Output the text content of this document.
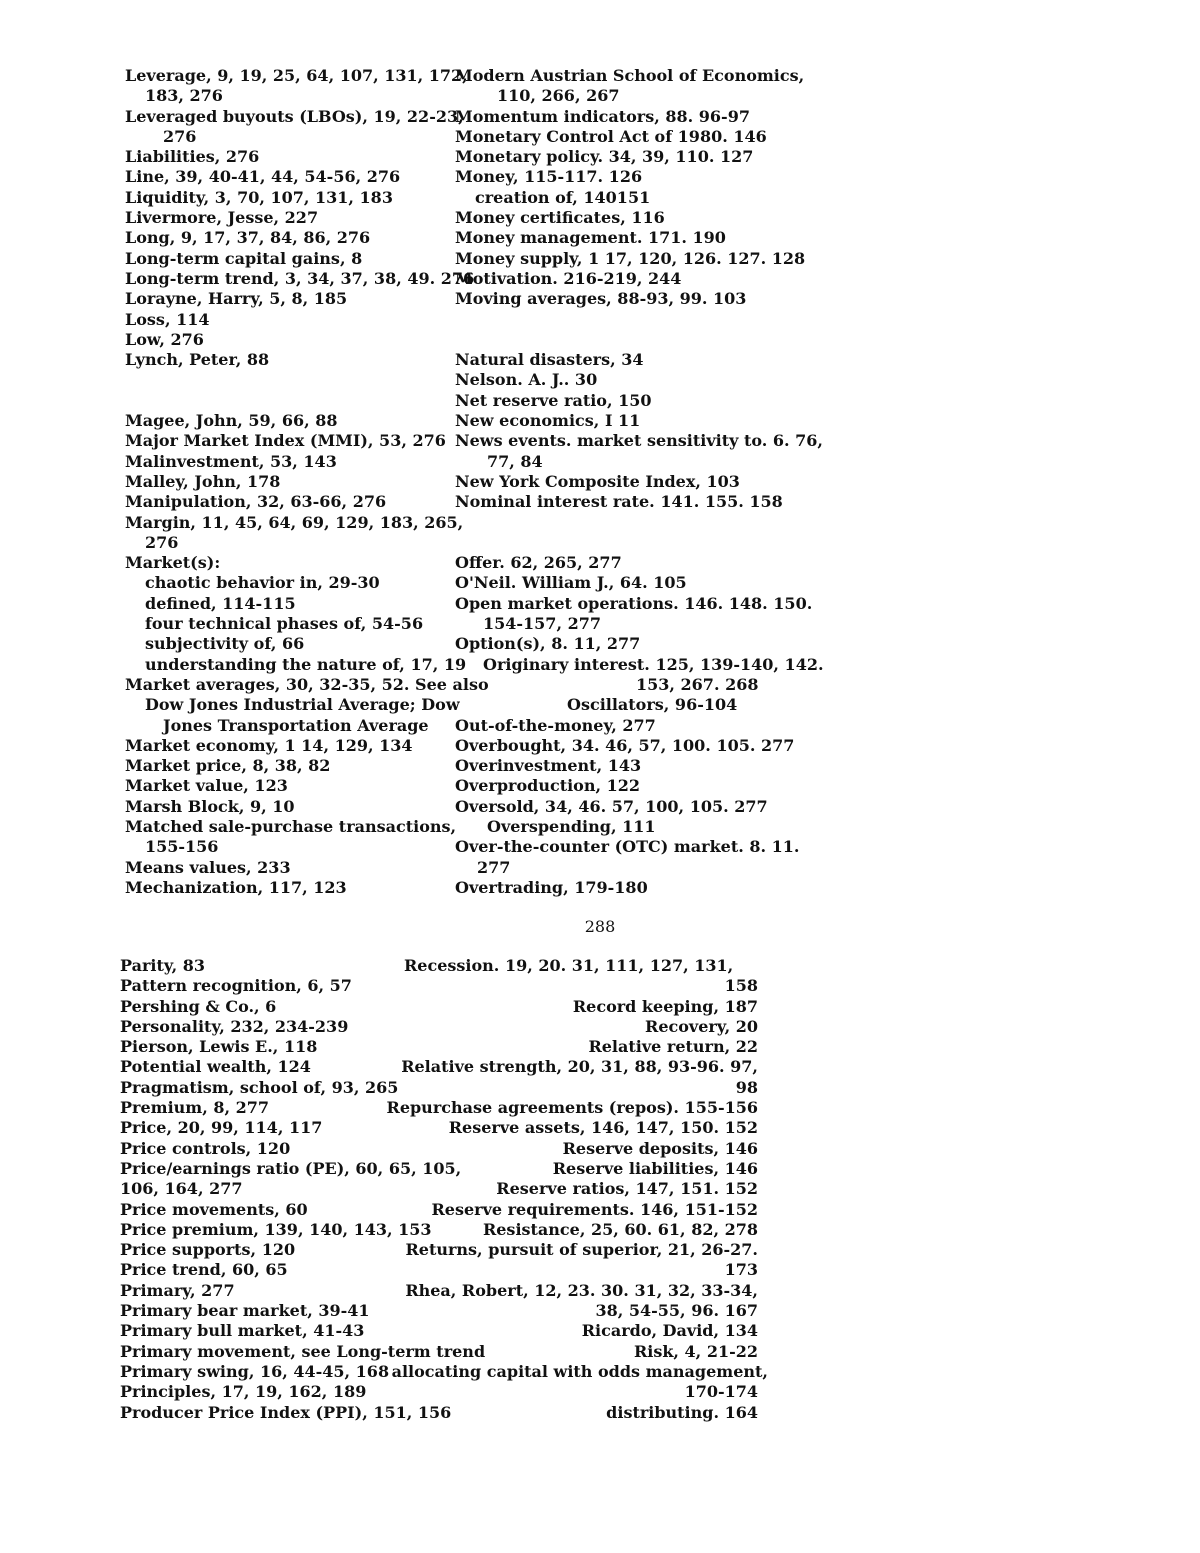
Leverage, 9, 19, 25, 64, 107, 131, 172,
183, 276
Leveraged buyouts (LBOs), 19, 22-23,
276
Liabilities, 276
Line, 39, 40-41, 44, 54-56, 276
Liquidity, 3, 70, 107, 131, 183
Livermore, Jesse, 227
Long, 9, 17, 37, 84, 86, 276
Long-term capital gains, 8
Long-term trend, 3, 34, 37, 38, 49. 276
Lorayne, Harry, 5, 8, 185
Loss, 114
Low, 276
Lynch, Peter, 88
Magee, John, 59, 66, 88
Major Market Index (MMI), 53, 276
Malinvestment, 53, 143
Malley, John, 178
Manipulation, 32, 63-66, 276
Margin, 11, 45, 64, 69, 129, 183, 265,
276
Market(s):
chaotic behavior in, 29-30
defined, 114-115
four technical phases of, 54-56
subjectivity of, 66
understanding the nature of, 17, 19
Market averages, 30, 32-35, 52. See also
Dow Jones Industrial Average; Dow
Jones Transportation Average
Market economy, 1 14, 129, 134
Market price, 8, 38, 82
Market value, 123
Marsh Block, 9, 10
Matched sale-purchase transactions,
155-156
Means values, 233
Mechanization, 117, 123
Modern Austrian School of Economics,
110, 266, 267
Momentum indicators, 88. 96-97
Monetary Control Act of 1980. 146
Monetary policy. 34, 39, 110. 127
Money, 115-117. 126
creation of, 140151
Money certificates, 116
Money management. 171. 190
Money supply, 1 17, 120, 126. 127. 128
Motivation. 216-219, 244
Moving averages, 88-93, 99. 103
Natural disasters, 34
Nelson. A. J.. 30
Net reserve ratio, 150
New economics, I 11
News events. market sensitivity to. 6. 76,
77, 84
New York Composite Index, 103
Nominal interest rate. 141. 155. 158
Offer. 62, 265, 277
O'Neil. William J., 64. 105
Open market operations. 146. 148. 150.
154-157, 277
Option(s), 8. 11, 277
Originary interest. 125, 139-140, 142.
153, 267. 268
Oscillators, 96-104
Out-of-the-money, 277
Overbought, 34. 46, 57, 100. 105. 277
Overinvestment, 143
Overproduction, 122
Oversold, 34, 46. 57, 100, 105. 277
Overspending, 111
Over-the-counter (OTC) market. 8. 11.
277
Overtrading, 179-180
288
Parity, 83
Pattern recognition, 6, 57
Pershing & Co., 6
Personality, 232, 234-239
Pierson, Lewis E., 118
Potential wealth, 124
Pragmatism, school of, 93, 265
Premium, 8, 277
Price, 20, 99, 114, 117
Price controls, 120
Price/earnings ratio (PE), 60, 65, 105,
106, 164, 277
Price movements, 60
Price premium, 139, 140, 143, 153
Price supports, 120
Price trend, 60, 65
Primary, 277
Primary bear market, 39-41
Primary bull market, 41-43
Primary movement, see Long-term trend
Primary swing, 16, 44-45, 168
Principles, 17, 19, 162, 189
Producer Price Index (PPI), 151, 156
Recession. 19, 20. 31, 111, 127, 131,
158
Record keeping, 187
Recovery, 20
Relative return, 22
Relative strength, 20, 31, 88, 93-96. 97,
98
Repurchase agreements (repos). 155-156
Reserve assets, 146, 147, 150. 152
Reserve deposits, 146
Reserve liabilities, 146
Reserve ratios, 147, 151. 152
Reserve requirements. 146, 151-152
Resistance, 25, 60. 61, 82, 278
Returns, pursuit of superior, 21, 26-27.
173
Rhea, Robert, 12, 23. 30. 31, 32, 33-34,
38, 54-55, 96. 167
Ricardo, David, 134
Risk, 4, 21-22
allocating capital with odds management,
170-174
distributing. 164
